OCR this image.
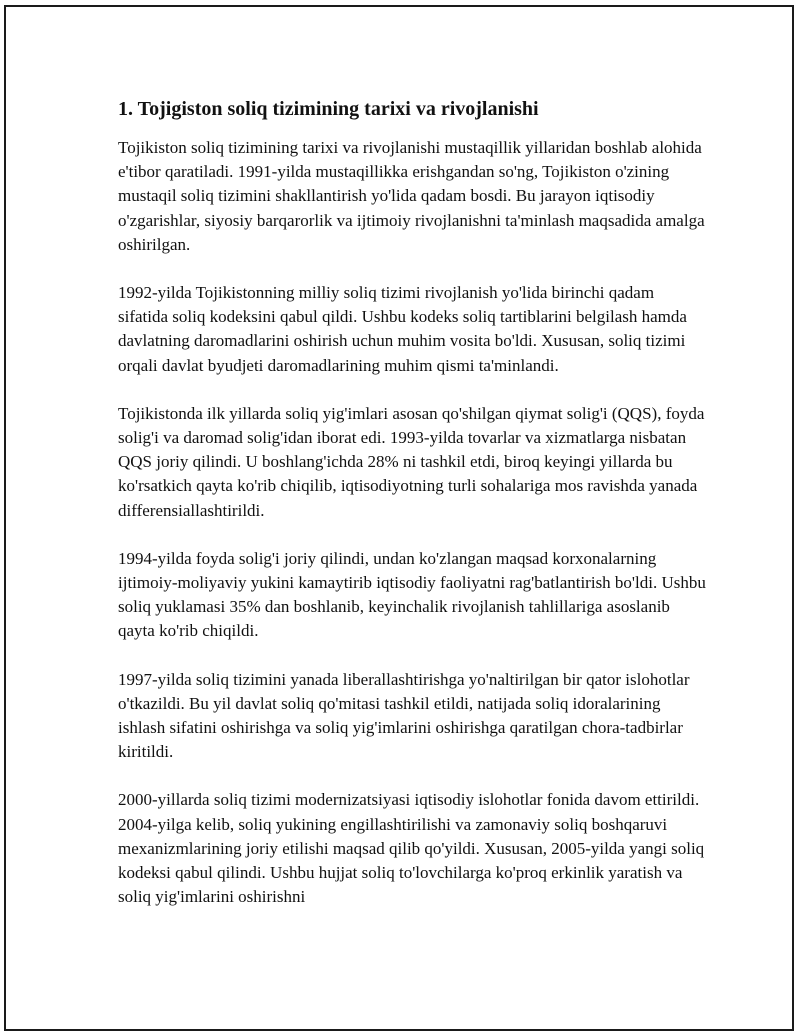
1. Tojigiston soliq tizimining tarixi va rivojlanishi

Tojikiston soliq tizimining tarixi va rivojlanishi mustaqillik yillaridan boshlab alohida e'tibor qaratiladi. 1991-yilda mustaqillikka erishgandan so'ng, Tojikiston o'zining mustaqil soliq tizimini shakllantirish yo'lida qadam bosdi. Bu jarayon iqtisodiy o'zgarishlar, siyosiy barqarorlik va ijtimoiy rivojlanishni ta'minlash maqsadida amalga oshirilgan.

1992-yilda Tojikistonning milliy soliq tizimi rivojlanish yo'lida birinchi qadam sifatida soliq kodeksini qabul qildi. Ushbu kodeks soliq tartiblarini belgilash hamda davlatning daromadlarini oshirish uchun muhim vosita bo'ldi. Xususan, soliq tizimi orqali davlat byudjeti daromadlarining muhim qismi ta'minlandi.

Tojikistonda ilk yillarda soliq yig'imlari asosan qo'shilgan qiymat solig'i (QQS), foyda solig'i va daromad solig'idan iborat edi. 1993-yilda tovarlar va xizmatlarga nisbatan QQS joriy qilindi. U boshlang'ichda 28% ni tashkil etdi, biroq keyingi yillarda bu ko'rsatkich qayta ko'rib chiqilib, iqtisodiyotning turli sohalariga mos ravishda yanada differensiallashtirildi.

1994-yilda foyda solig'i joriy qilindi, undan ko'zlangan maqsad korxonalarning ijtimoiy-moliyaviy yukini kamaytirib iqtisodiy faoliyatni rag'batlantirish bo'ldi. Ushbu soliq yuklamasi 35% dan boshlanib, keyinchalik rivojlanish tahlillariga asoslanib qayta ko'rib chiqildi.

1997-yilda soliq tizimini yanada liberallashtirishga yo'naltirilgan bir qator islohotlar o'tkazildi. Bu yil davlat soliq qo'mitasi tashkil etildi, natijada soliq idoralarining ishlash sifatini oshirishga va soliq yig'imlarini oshirishga qaratilgan chora-tadbirlar kiritildi.

2000-yillarda soliq tizimi modernizatsiyasi iqtisodiy islohotlar fonida davom ettirildi. 2004-yilga kelib, soliq yukining engillashtirilishi va zamonaviy soliq boshqaruvi mexanizmlarining joriy etilishi maqsad qilib qo'yildi. Xususan, 2005-yilda yangi soliq kodeksi qabul qilindi. Ushbu hujjat soliq to'lovchilarga ko'proq erkinlik yaratish va soliq yig'imlarini oshirishni
